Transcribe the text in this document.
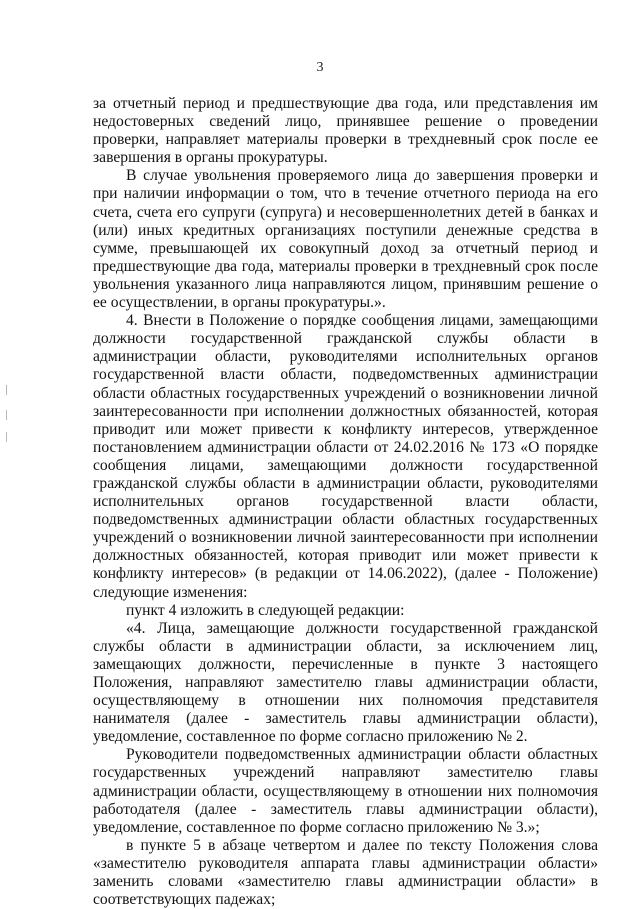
3

за отчетный период и предшествующие два года, или представления им недостоверных сведений лицо, принявшее решение о проведении проверки, направляет материалы проверки в трехдневный срок после ее завершения в органы прокуратуры.

В случае увольнения проверяемого лица до завершения проверки и при наличии информации о том, что в течение отчетного периода на его счета, счета его супруги (супруга) и несовершеннолетних детей в банках и (или) иных кредитных организациях поступили денежные средства в сумме, превышающей их совокупный доход за отчетный период и предшествующие два года, материалы проверки в трехдневный срок после увольнения указанного лица направляются лицом, принявшим решение о ее осуществлении, в органы прокуратуры.».

4. Внести в Положение о порядке сообщения лицами, замещающими должности государственной гражданской службы области в администрации области, руководителями исполнительных органов государственной власти области, подведомственных администрации области областных государственных учреждений о возникновении личной заинтересованности при исполнении должностных обязанностей, которая приводит или может привести к конфликту интересов, утвержденное постановлением администрации области от 24.02.2016 № 173 «О порядке сообщения лицами, замещающими должности государственной гражданской службы области в администрации области, руководителями исполнительных органов государственной власти области, подведомственных администрации области областных государственных учреждений о возникновении личной заинтересованности при исполнении должностных обязанностей, которая приводит или может привести к конфликту интересов» (в редакции от 14.06.2022), (далее - Положение) следующие изменения:

пункт 4 изложить в следующей редакции:

«4. Лица, замещающие должности государственной гражданской службы области в администрации области, за исключением лиц, замещающих должности, перечисленные в пункте 3 настоящего Положения, направляют заместителю главы администрации области, осуществляющему в отношении них полномочия представителя нанимателя (далее - заместитель главы администрации области), уведомление, составленное по форме согласно приложению № 2.

Руководители подведомственных администрации области областных государственных учреждений направляют заместителю главы администрации области, осуществляющему в отношении них полномочия работодателя (далее - заместитель главы администрации области), уведомление, составленное по форме согласно приложению № 3.»;

в пункте 5 в абзаце четвертом и далее по тексту Положения слова «заместителю руководителя аппарата главы администрации области» заменить словами «заместителю главы администрации области» в соответствующих падежах;
